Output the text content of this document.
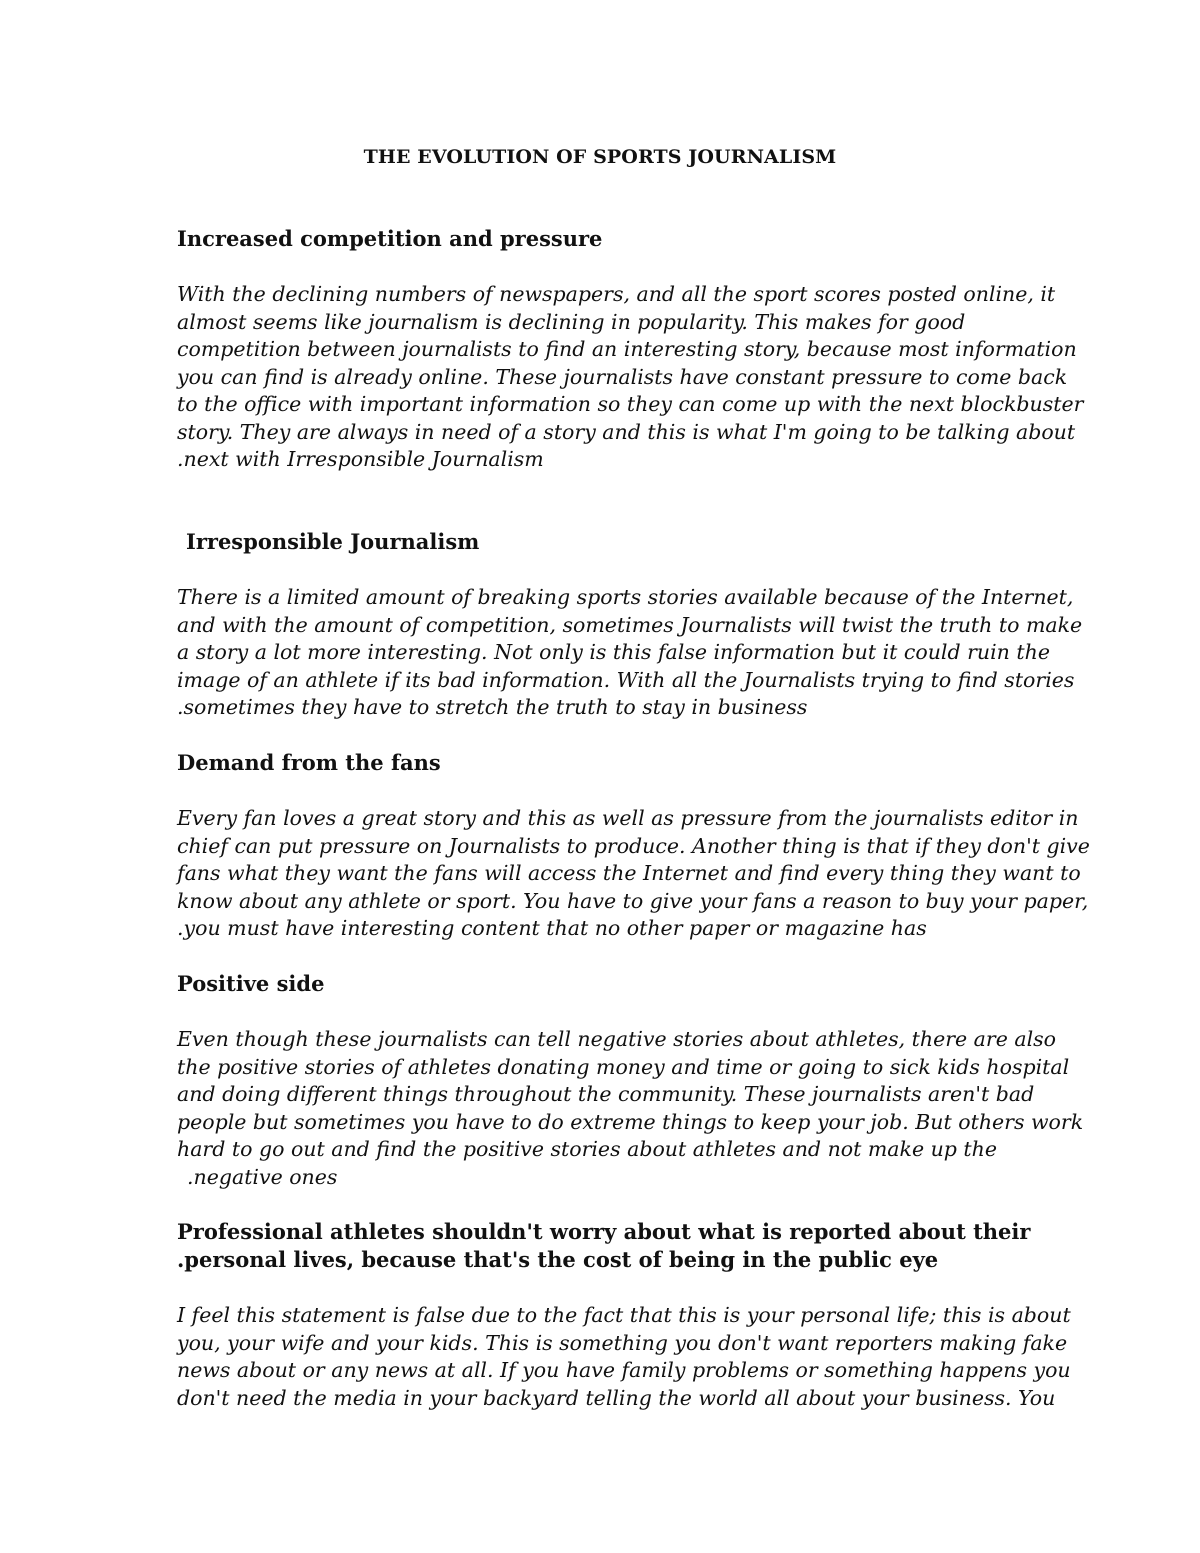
THE EVOLUTION OF SPORTS JOURNALISM
Increased competition and pressure

With the declining numbers of newspapers, and all the sport scores posted online, it
almost seems like journalism is declining in popularity. This makes for good
competition between journalists to find an interesting story, because most information
you can find is already online. These journalists have constant pressure to come back
to the office with important information so they can come up with the next blockbuster
story. They are always in need of a story and this is what I'm going to be talking about
.next with Irresponsible Journalism

Irresponsible Journalism

There is a limited amount of breaking sports stories available because of the Internet,
and with the amount of competition, sometimes Journalists will twist the truth to make
a story a lot more interesting. Not only is this false information but it could ruin the
image of an athlete if its bad information. With all the Journalists trying to find stories
.sometimes they have to stretch the truth to stay in business

Demand from the fans

Every fan loves a great story and this as well as pressure from the journalists editor in
chief can put pressure on Journalists to produce. Another thing is that if they don't give
fans what they want the fans will access the Internet and find every thing they want to
know about any athlete or sport. You have to give your fans a reason to buy your paper,
.you must have interesting content that no other paper or magazine has

Positive side

Even though these journalists can tell negative stories about athletes, there are also
the positive stories of athletes donating money and time or going to sick kids hospital
and doing different things throughout the community. These journalists aren't bad
people but sometimes you have to do extreme things to keep your job. But others work
hard to go out and find the positive stories about athletes and not make up the
.negative ones

Professional athletes shouldn't worry about what is reported about their
.personal lives, because that's the cost of being in the public eye

I feel this statement is false due to the fact that this is your personal life; this is about
you, your wife and your kids. This is something you don't want reporters making fake
news about or any news at all. If you have family problems or something happens you
don't need the media in your backyard telling the world all about your business. You
